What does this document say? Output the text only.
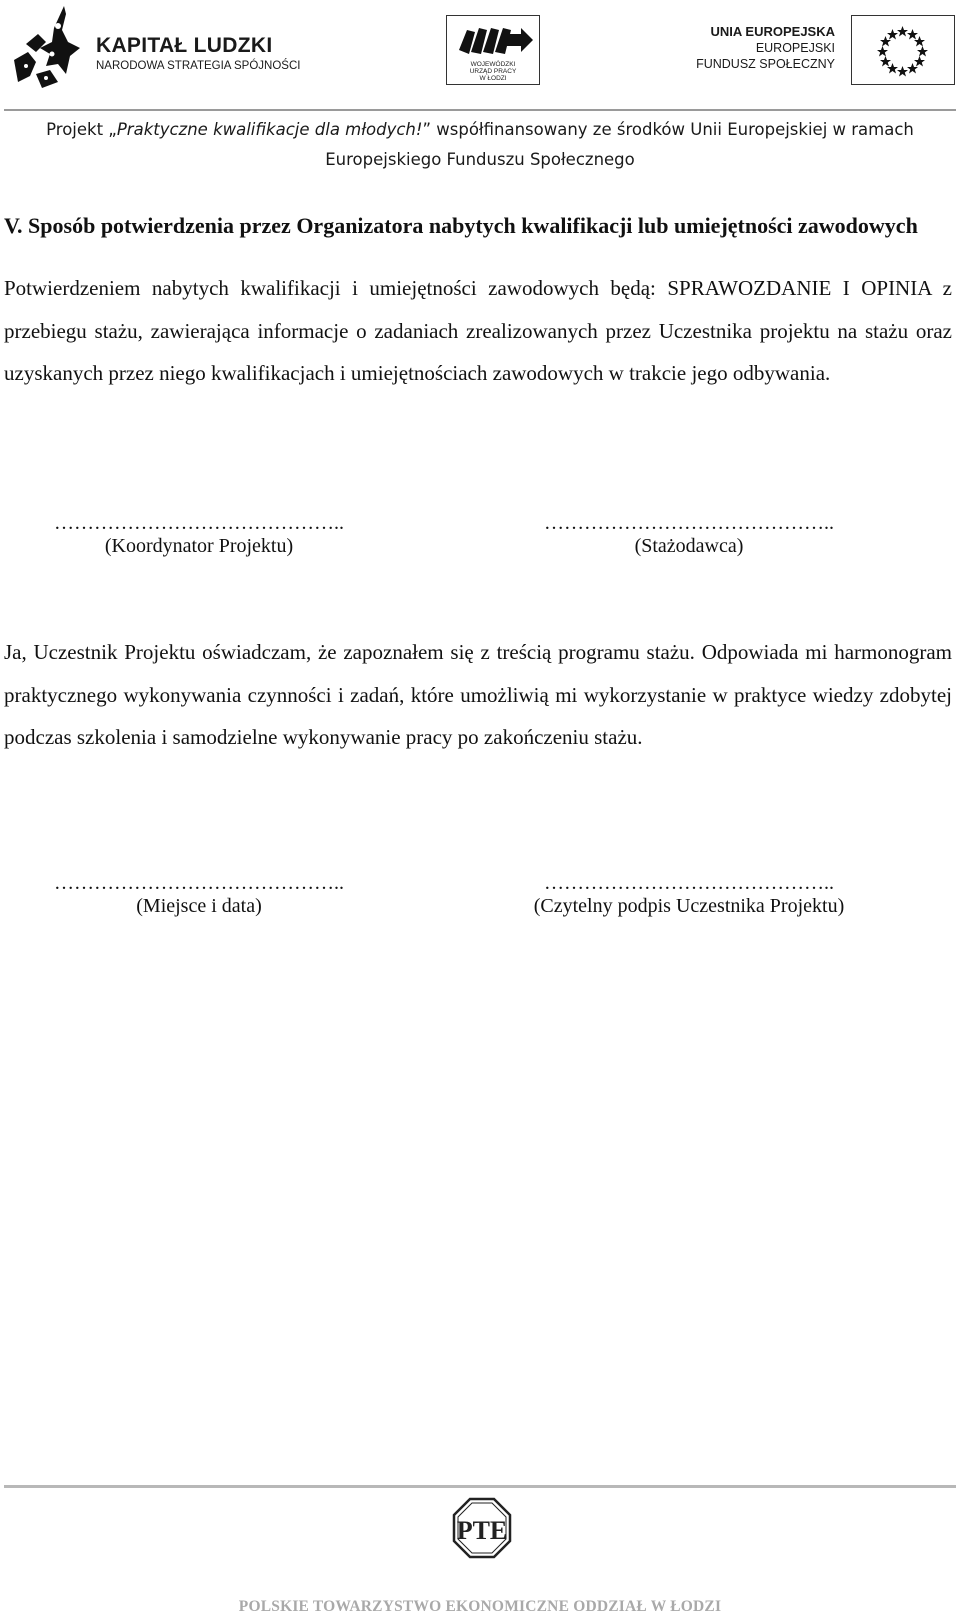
KAPITAŁ LUDZKI
NARODOWA STRATEGIA SPÓJNOŚCI	WOJEWÓDZKI
URZĄD PRACY
W ŁODZI
UNIA EUROPEJSKA
EUROPEJSKI
FUNDUSZ SPOŁECZNY
Projekt „Praktyczne kwalifikacje dla młodych!” współfinansowany ze środków Unii Europejskiej w ramach
Europejskiego Funduszu Społecznego
V. Sposób potwierdzenia przez Organizatora nabytych kwalifikacji lub umiejętności zawodowych
Potwierdzeniem nabytych kwalifikacji i umiejętności zawodowych będą: SPRAWOZDANIE I OPINIA z przebiegu stażu, zawierająca informacje o zadaniach zrealizowanych przez Uczestnika projektu na stażu oraz uzyskanych przez niego kwalifikacjach i umiejętnościach zawodowych w trakcie jego odbywania.
……………………………………..
(Koordynator Projektu)
……………………………………..
(Stażodawca)
Ja, Uczestnik Projektu oświadczam, że zapoznałem się z treścią programu stażu. Odpowiada mi harmonogram praktycznego wykonywania czynności i zadań, które umożliwią mi wykorzystanie w praktyce wiedzy zdobytej podczas szkolenia i samodzielne wykonywanie pracy po zakończeniu stażu.
……………………………………..
(Miejsce i data)
……………………………………..
(Czytelny podpis Uczestnika Projektu)
PTE
POLSKIE TOWARZYSTWO EKONOMICZNE ODDZIAŁ W ŁODZI
